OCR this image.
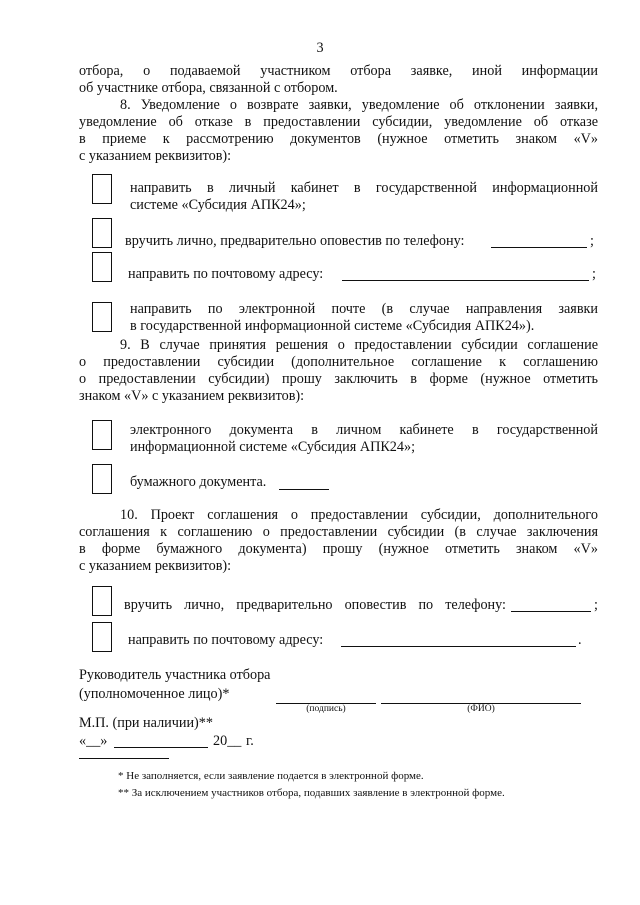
3
отбора, о подаваемой участником отбора заявке, иной информации
об участнике отбора, связанной с отбором.
8. Уведомление о возврате заявки, уведомление об отклонении заявки,
уведомление об отказе в предоставлении субсидии, уведомление об отказе
в приеме к рассмотрению документов (нужное отметить знаком «V»
с указанием реквизитов):
направить в личный кабинет в государственной информационной
системе «Субсидия АПК24»;
вручить лично, предварительно оповестив по телефону:	;
направить по почтовому адресу:	;
направить по электронной почте (в случае направления заявки
в государственной информационной системе «Субсидия АПК24»).
9. В случае принятия решения о предоставлении субсидии соглашение
о предоставлении субсидии (дополнительное соглашение к соглашению
о предоставлении субсидии) прошу заключить в форме (нужное отметить
знаком «V» с указанием реквизитов):
электронного документа в личном кабинете в государственной
информационной системе «Субсидия АПК24»;
бумажного документа.
10. Проект соглашения о предоставлении субсидии, дополнительного
соглашения к соглашению о предоставлении субсидии (в случае заключения
в форме бумажного документа) прошу (нужное отметить знаком «V»
с указанием реквизитов):
вручить лично, предварительно оповестив по телефону:	;
направить по почтовому адресу:	.
Руководитель участника отбора
(уполномоченное лицо)*
(подпись)	(ФИО)
М.П. (при наличии)**
«__»	20__ г.
* Не заполняется, если заявление подается в электронной форме.
** За исключением участников отбора, подавших заявление в электронной форме.
